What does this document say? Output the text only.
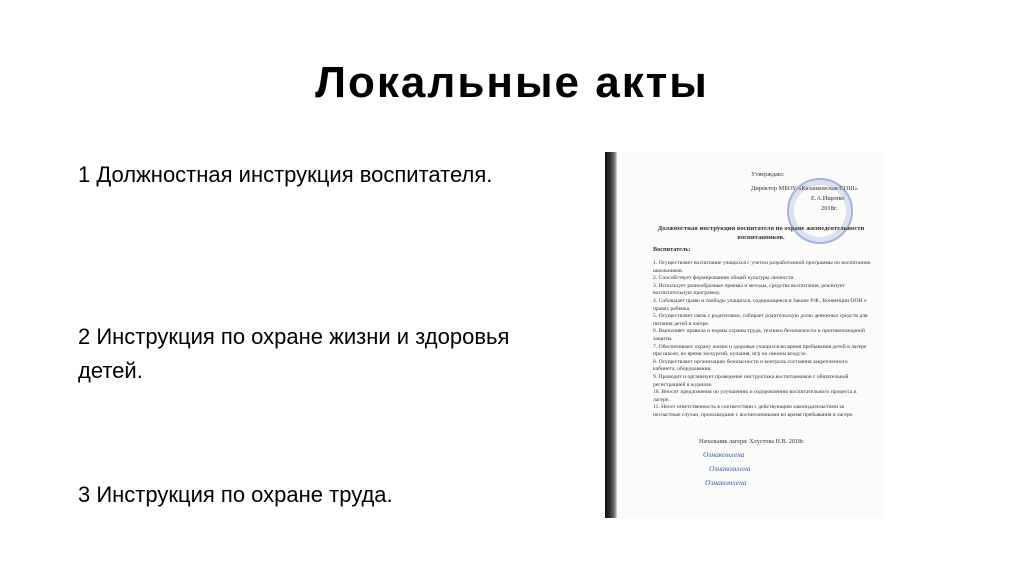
Локальные акты
1 Должностная инструкция воспитателя.
2 Инструкция по охране жизни и здоровья детей.
3 Инструкция по охране труда.
Утверждаю:
Директор МБОУ «Казанковская СОШ»
Е.А.Ищенко
2018г.
Должностная инструкция воспитателя по охране жизнедеятельности воспитанников.
Воспитатель:
1. Осуществляет воспитание учащихся с учетом разработанной программы по воспитанию школьников.
2. Способствует формированию общей культуры личности.
3. Использует разнообразные приемы и методы, средства воспитания, реализует воспитательную программу.
4. Соблюдает право и свободы учащихся, содержащиеся в Законе Р.Ф., Конвенции ООН о правах ребенка.
5. Осуществляет связь с родителями, собирает родительскую долю денежных средств для питания детей в лагере.
6. Выполняет правила и нормы охраны труда, техники безопасности и противопожарной защиты.
7. Обеспечивают охрану жизни и здоровья учащихся во время пребывания детей в лагере при школе, во время экскурсий, купания, игр на свежем воздухе.
8. Осуществляет организацию безопасности и контроль состояния закрепленного кабинета, оборудования.
9. Проводит и организует проведение инструктажа воспитанников с обязательной регистрацией в журнале.
10. Вносит предложения по улучшению и оздоровлению воспитательного процесса в лагере.
11. Несет ответственность в соответствии с действующим законодательством за несчастные случаи, происшедшие с воспитанниками во время пребывания в лагере.
Начальник лагеря: Хлустова Н.В. 2018г.
Ознакомлена
Ознакомлена
Ознакомлена
